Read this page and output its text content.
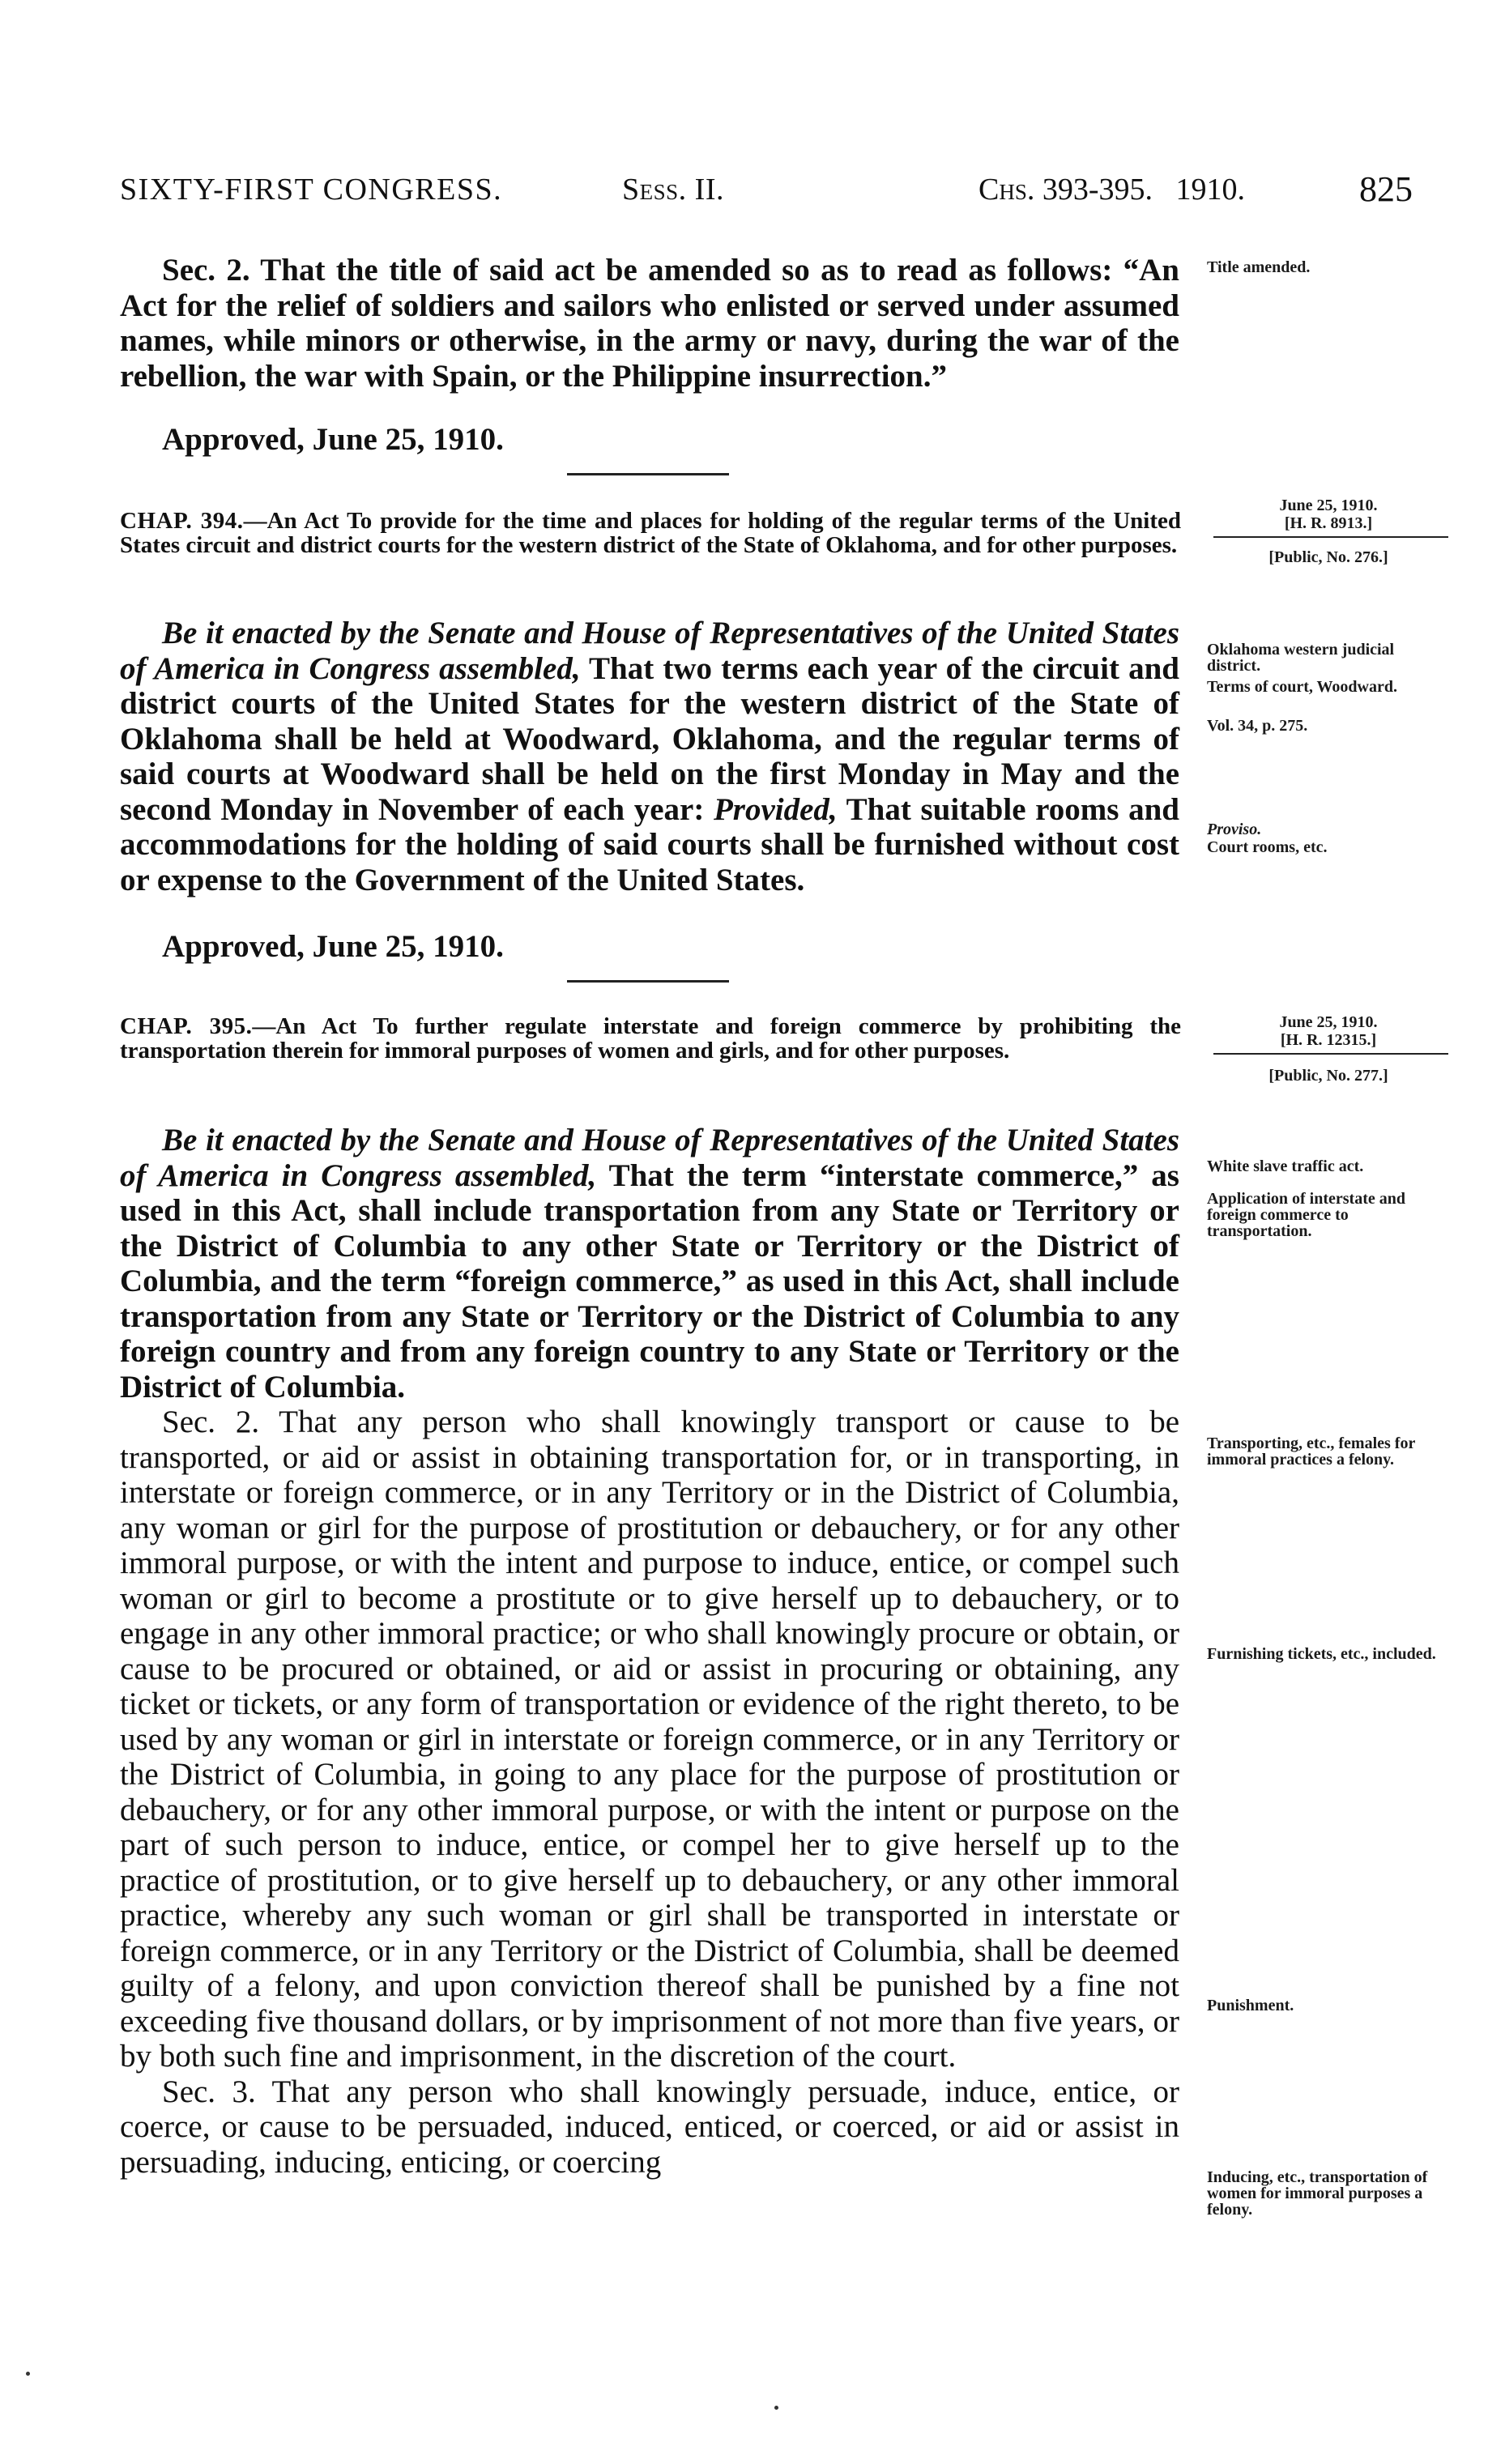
SIXTY-FIRST CONGRESS.	Sess. II.	Chs. 393-395. 1910.	825

Sec. 2. That the title of said act be amended so as to read as follows: “An Act for the relief of soldiers and sailors who enlisted or served under assumed names, while minors or otherwise, in the army or navy, during the war of the rebellion, the war with Spain, or the Philippine insurrection.”

Approved, June 25, 1910.
Title amended.
CHAP. 394.—An Act To provide for the time and places for holding of the regular terms of the United States circuit and district courts for the western district of the State of Oklahoma, and for other purposes.
June 25, 1910.
[H. R. 8913.]
[Public, No. 276.]

Be it enacted by the Senate and House of Representatives of the United States of America in Congress assembled, That two terms each year of the circuit and district courts of the United States for the western district of the State of Oklahoma shall be held at Woodward, Oklahoma, and the regular terms of said courts at Woodward shall be held on the first Monday in May and the second Monday in November of each year: Provided, That suitable rooms and accommodations for the holding of said courts shall be furnished without cost or expense to the Government of the United States.

Approved, June 25, 1910.
Oklahoma western judicial district.
Terms of court, Woodward.
Vol. 34, p. 275.
Proviso.
Court rooms, etc.
CHAP. 395.—An Act To further regulate interstate and foreign commerce by prohibiting the transportation therein for immoral purposes of women and girls, and for other purposes.
June 25, 1910.
[H. R. 12315.]
[Public, No. 277.]

Be it enacted by the Senate and House of Representatives of the United States of America in Congress assembled, That the term “interstate commerce,” as used in this Act, shall include transportation from any State or Territory or the District of Columbia to any other State or Territory or the District of Columbia, and the term “foreign commerce,” as used in this Act, shall include transportation from any State or Territory or the District of Columbia to any foreign country and from any foreign country to any State or Territory or the District of Columbia.

Sec. 2. That any person who shall knowingly transport or cause to be transported, or aid or assist in obtaining transportation for, or in transporting, in interstate or foreign commerce, or in any Territory or in the District of Columbia, any woman or girl for the purpose of prostitution or debauchery, or for any other immoral purpose, or with the intent and purpose to induce, entice, or compel such woman or girl to become a prostitute or to give herself up to debauchery, or to engage in any other immoral practice; or who shall knowingly procure or obtain, or cause to be procured or obtained, or aid or assist in procuring or obtaining, any ticket or tickets, or any form of transportation or evidence of the right thereto, to be used by any woman or girl in interstate or foreign commerce, or in any Territory or the District of Columbia, in going to any place for the purpose of prostitution or debauchery, or for any other immoral purpose, or with the intent or purpose on the part of such person to induce, entice, or compel her to give herself up to the practice of prostitution, or to give herself up to debauchery, or any other immoral practice, whereby any such woman or girl shall be transported in interstate or foreign commerce, or in any Territory or the District of Columbia, shall be deemed guilty of a felony, and upon conviction thereof shall be punished by a fine not exceeding five thousand dollars, or by imprisonment of not more than five years, or by both such fine and imprisonment, in the discretion of the court.

Sec. 3. That any person who shall knowingly persuade, induce, entice, or coerce, or cause to be persuaded, induced, enticed, or coerced, or aid or assist in persuading, inducing, enticing, or coercing

White slave traffic act.
Application of interstate and foreign commerce to transportation.
Transporting, etc., females for immoral practices a felony.
Furnishing tickets, etc., included.
Punishment.
Inducing, etc., transportation of women for immoral purposes a felony.
